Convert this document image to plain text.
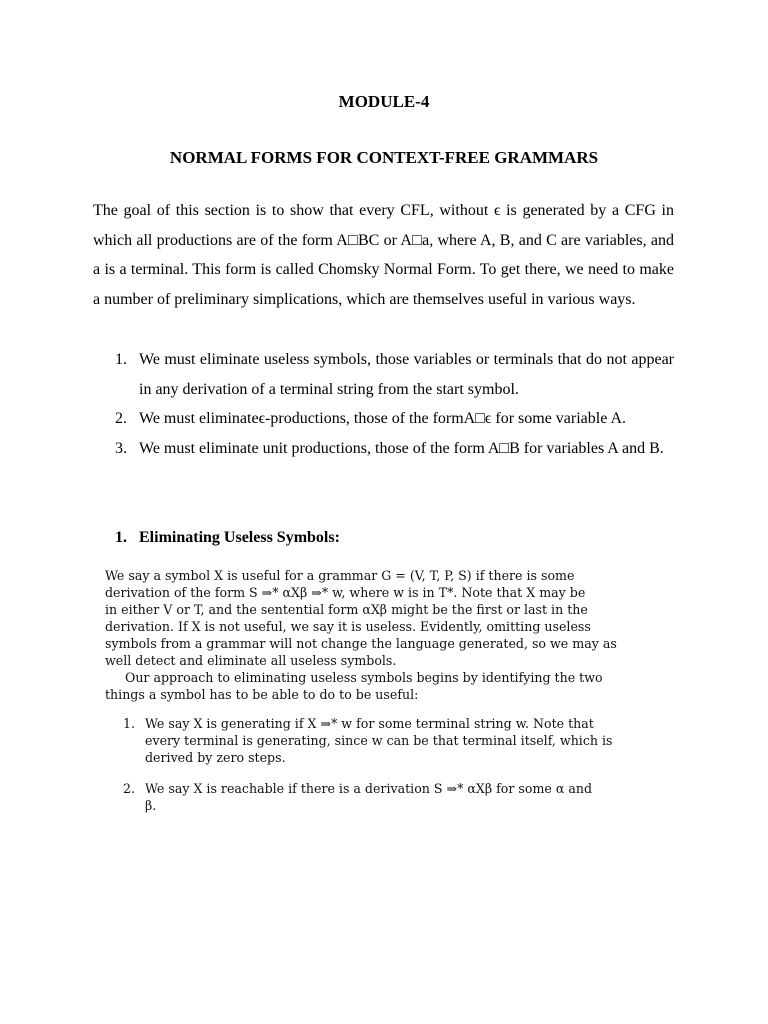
MODULE-4
NORMAL FORMS FOR CONTEXT-FREE GRAMMARS
The goal of this section is to show that every CFL, without ϵ is generated by a CFG in which all productions are of the form A□BC or A□a, where A, B, and C are variables, and a is a terminal. This form is called Chomsky Normal Form. To get there, we need to make a number of preliminary simplications, which are themselves useful in various ways.
1. We must eliminate useless symbols, those variables or terminals that do not appear in any derivation of a terminal string from the start symbol.
2. We must eliminateϵ-productions, those of the formA□ϵ for some variable A.
3. We must eliminate unit productions, those of the form A□B for variables A and B.
1. Eliminating Useless Symbols:

We say a symbol X is useful for a grammar G = (V, T, P, S) if there is some

derivation of the form S ⇒* αXβ ⇒* w, where w is in T*. Note that X may be

in either V or T, and the sentential form αXβ might be the first or last in the

derivation. If X is not useful, we say it is useless. Evidently, omitting useless

symbols from a grammar will not change the language generated, so we may as

well detect and eliminate all useless symbols.

Our approach to eliminating useless symbols begins by identifying the two

things a symbol has to be able to do to be useful:

1. We say X is generating if X ⇒* w for some terminal string w. Note that

every terminal is generating, since w can be that terminal itself, which is

derived by zero steps.

2. We say X is reachable if there is a derivation S ⇒* αXβ for some α and

β.
